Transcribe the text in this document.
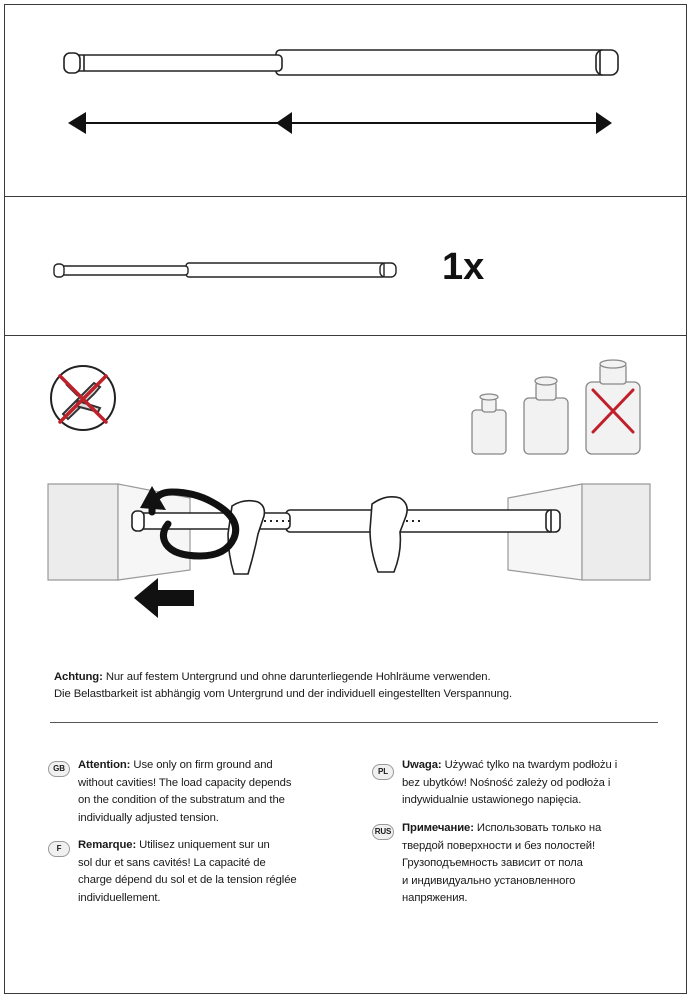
1x
Achtung: Nur auf festem Untergrund und ohne darunterliegende Hohlräume verwenden.
Die Belastbarkeit ist abhängig vom Untergrund und der individuell eingestellten Verspannung.
GB	Attention: Use only on firm ground and
without cavities! The load capacity depends
on the condition of the substratum and the
individually adjusted tension.
F	Remarque: Utilisez uniquement sur un
sol dur et sans cavités! La capacité de
charge dépend du sol et de la tension réglée
individuellement.
PL
Uwaga: Używać tylko na twardym podłożu i
bez ubytków! Nośność zależy od podłoża i
indywidualnie ustawionego napięcia.
RUS Примечание: Использовать только на
твердой поверхности и без полостей!
Грузоподъемность зависит от пола
и индивидуально установленного
напряжения.
